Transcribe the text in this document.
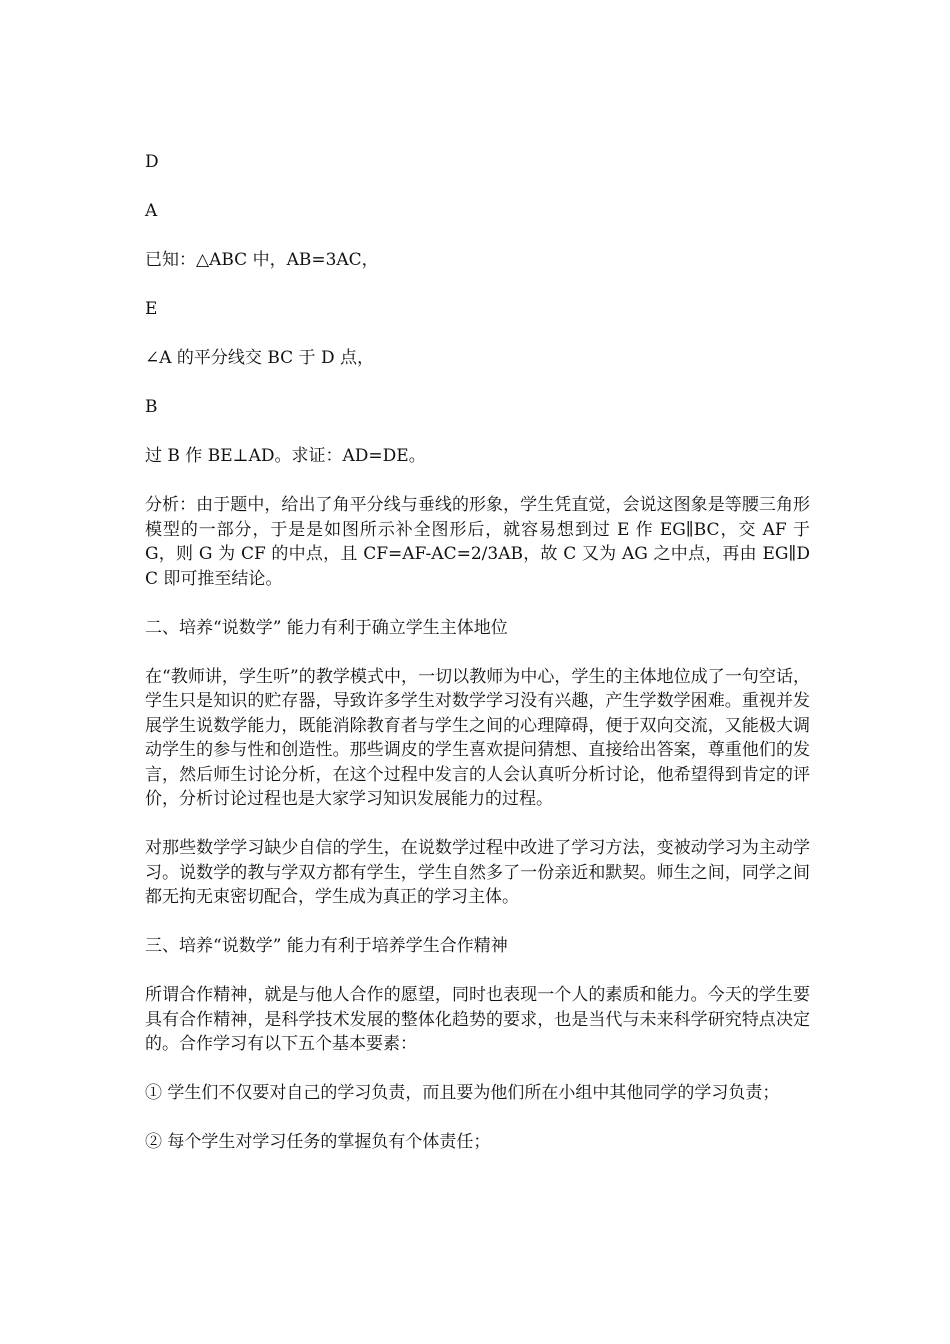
D

A

已知：△ABC 中，AB=3AC，

E

∠A 的平分线交 BC 于 D 点，

B

过 B 作 BE⊥AD。求证：AD=DE。

分析：由于题中，给出了角平分线与垂线的形象，学生凭直觉，会说这图象是等腰三角形模型的一部分，于是是如图所示补全图形后，就容易想到过 E 作 EG∥BC，交 AF 于 G，则 G 为 CF 的中点，且 CF=AF-AC=2/3AB，故 C 又为 AG 之中点，再由 EG∥DC 即可推至结论。

二、培养“说数学” 能力有利于确立学生主体地位

在“教师讲，学生听”的教学模式中，一切以教师为中心，学生的主体地位成了一句空话，学生只是知识的贮存器，导致许多学生对数学学习没有兴趣，产生学数学困难。重视并发展学生说数学能力，既能消除教育者与学生之间的心理障碍，便于双向交流，又能极大调动学生的参与性和创造性。那些调皮的学生喜欢提问猜想、直接给出答案，尊重他们的发言，然后师生讨论分析，在这个过程中发言的人会认真听分析讨论，他希望得到肯定的评价，分析讨论过程也是大家学习知识发展能力的过程。

对那些数学学习缺少自信的学生，在说数学过程中改进了学习方法，变被动学习为主动学习。说数学的教与学双方都有学生，学生自然多了一份亲近和默契。师生之间，同学之间都无拘无束密切配合，学生成为真正的学习主体。

三、培养“说数学” 能力有利于培养学生合作精神

所谓合作精神，就是与他人合作的愿望，同时也表现一个人的素质和能力。今天的学生要具有合作精神，是科学技术发展的整体化趋势的要求，也是当代与未来科学研究特点决定的。合作学习有以下五个基本要素：

① 学生们不仅要对自己的学习负责，而且要为他们所在小组中其他同学的学习负责；

② 每个学生对学习任务的掌握负有个体责任；
